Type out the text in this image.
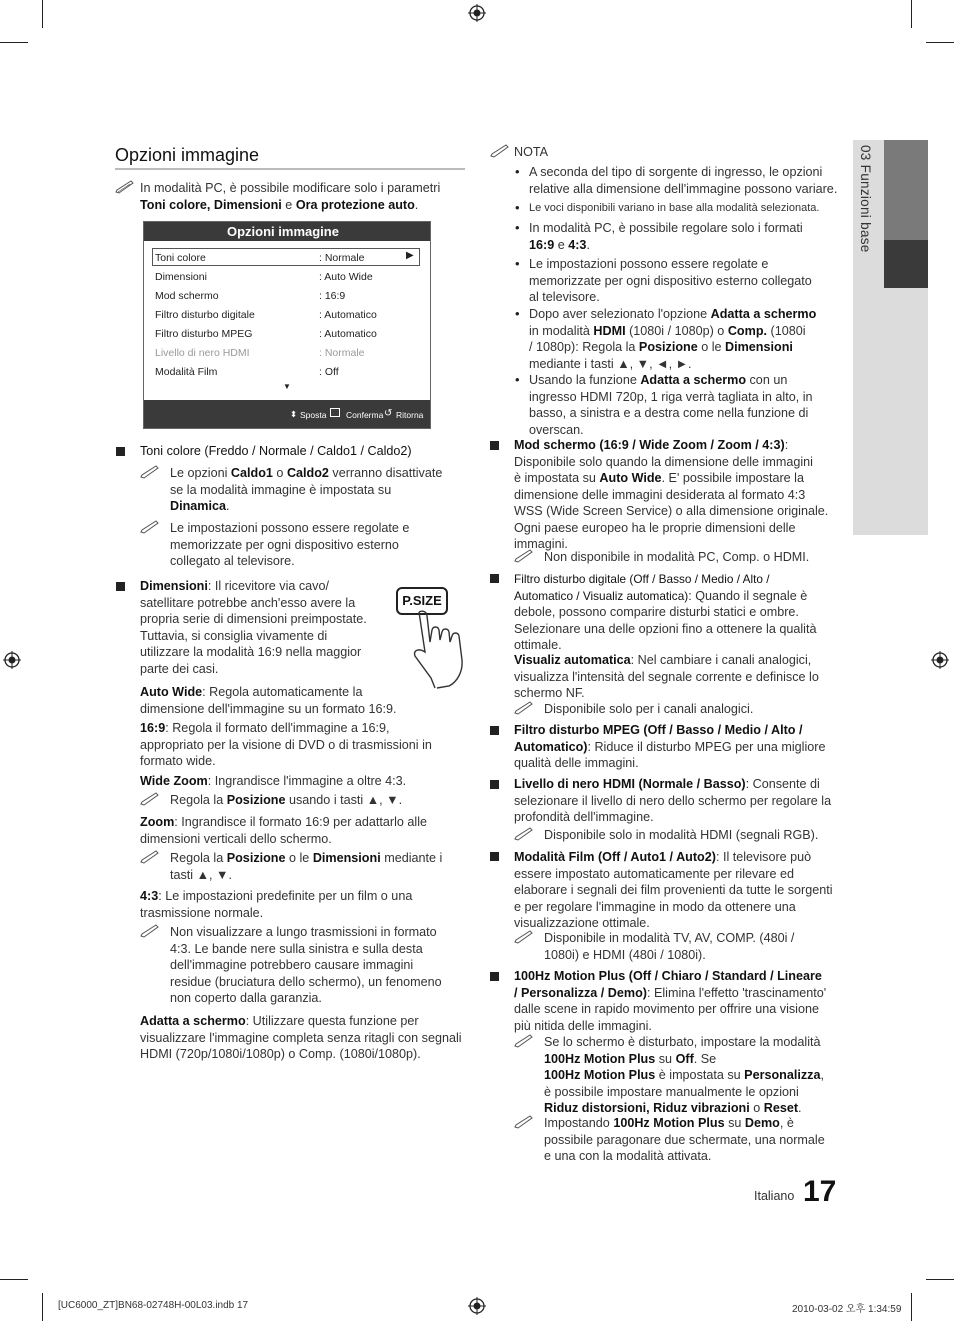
03 Funzioni base
Opzioni immagine
In modalità PC, è possibile modificare solo i parametri
Toni colore, Dimensioni e Ora protezione auto.
Opzioni immagine
▶
Toni colore	: Normale
Dimensioni	: Auto Wide
Mod schermo	: 16:9
Filtro disturbo digitale	: Automatico
Filtro disturbo MPEG	: Automatico
Livello di nero HDMI	: Normale
Modalità Film	: Off
▼
⬍ Sposta Conferma ↺ Ritorna
Toni colore (Freddo / Normale / Caldo1 / Caldo2)
Le opzioni Caldo1 o Caldo2 verranno disattivate
se la modalità immagine è impostata su
Dinamica.
Le impostazioni possono essere regolate e
memorizzate per ogni dispositivo esterno
collegato al televisore.
Dimensioni: Il ricevitore via cavo/
satellitare potrebbe anch'esso avere la
propria serie di dimensioni preimpostate.
Tuttavia, si consiglia vivamente di
utilizzare la modalità 16:9 nella maggior
parte dei casi.
P.SIZE
Auto Wide: Regola automaticamente la
dimensione dell'immagine su un formato 16:9.
16:9: Regola il formato dell'immagine a 16:9,
appropriato per la visione di DVD o di trasmissioni in
formato wide.
Wide Zoom: Ingrandisce l'immagine a oltre 4:3.
Regola la Posizione usando i tasti ▲, ▼.
Zoom: Ingrandisce il formato 16:9 per adattarlo alle
dimensioni verticali dello schermo.
Regola la Posizione o le Dimensioni mediante i
tasti ▲, ▼.
4:3: Le impostazioni predefinite per un film o una
trasmissione normale.
Non visualizzare a lungo trasmissioni in formato
4:3. Le bande nere sulla sinistra e sulla desta
dell'immagine potrebbero causare immagini
residue (bruciatura dello schermo), un fenomeno
non coperto dalla garanzia.
Adatta a schermo: Utilizzare questa funzione per
visualizzare l'immagine completa senza ritagli con segnali
HDMI (720p/1080i/1080p) o Comp. (1080i/1080p).
NOTA
• A seconda del tipo di sorgente di ingresso, le opzioni
relative alla dimensione dell'immagine possono variare.
• Le voci disponibili variano in base alla modalità selezionata.
• In modalità PC, è possibile regolare solo i formati
16:9 e 4:3.
• Le impostazioni possono essere regolate e
memorizzate per ogni dispositivo esterno collegato
al televisore.
• Dopo aver selezionato l'opzione Adatta a schermo
in modalità HDMI (1080i / 1080p) o Comp. (1080i
/ 1080p): Regola la Posizione o le Dimensioni
mediante i tasti ▲, ▼, ◄, ►.
• Usando la funzione Adatta a schermo con un
ingresso HDMI 720p, 1 riga verrà tagliata in alto, in
basso, a sinistra e a destra come nella funzione di
overscan.
Mod schermo (16:9 / Wide Zoom / Zoom / 4:3):
Disponibile solo quando la dimensione delle immagini
è impostata su Auto Wide. E' possibile impostare la
dimensione delle immagini desiderata al formato 4:3
WSS (Wide Screen Service) o alla dimensione originale.
Ogni paese europeo ha le proprie dimensioni delle
immagini.
Non disponibile in modalità PC, Comp. o HDMI.
Filtro disturbo digitale (Off / Basso / Medio / Alto /
Automatico / Visualiz automatica): Quando il segnale è
debole, possono comparire disturbi statici e ombre.
Selezionare una delle opzioni fino a ottenere la qualità
ottimale.
Visualiz automatica: Nel cambiare i canali analogici,
visualizza l'intensità del segnale corrente e definisce lo
schermo NF.
Disponibile solo per i canali analogici.
Filtro disturbo MPEG (Off / Basso / Medio / Alto /
Automatico): Riduce il disturbo MPEG per una migliore
qualità delle immagini.
Livello di nero HDMI (Normale / Basso): Consente di
selezionare il livello di nero dello schermo per regolare la
profondità dell'immagine.
Disponibile solo in modalità HDMI (segnali RGB).
Modalità Film (Off / Auto1 / Auto2): Il televisore può
essere impostato automaticamente per rilevare ed
elaborare i segnali dei film provenienti da tutte le sorgenti
e per regolare l'immagine in modo da ottenere una
visualizzazione ottimale.
Disponibile in modalità TV, AV, COMP. (480i /
1080i) e HDMI (480i / 1080i).
100Hz Motion Plus (Off / Chiaro / Standard / Lineare
/ Personalizza / Demo): Elimina l'effetto 'trascinamento'
dalle scene in rapido movimento per offrire una visione
più nitida delle immagini.
Se lo schermo è disturbato, impostare la modalità
100Hz Motion Plus su Off. Se
100Hz Motion Plus è impostata su Personalizza,
è possibile impostare manualmente le opzioni
Riduz distorsioni, Riduz vibrazioni o Reset.
Impostando 100Hz Motion Plus su Demo, è
possibile paragonare due schermate, una normale
e una con la modalità attivata.
Italiano 17
[UC6000_ZT]BN68-02748H-00L03.indb 17	2010-03-02 오후 1:34:59
